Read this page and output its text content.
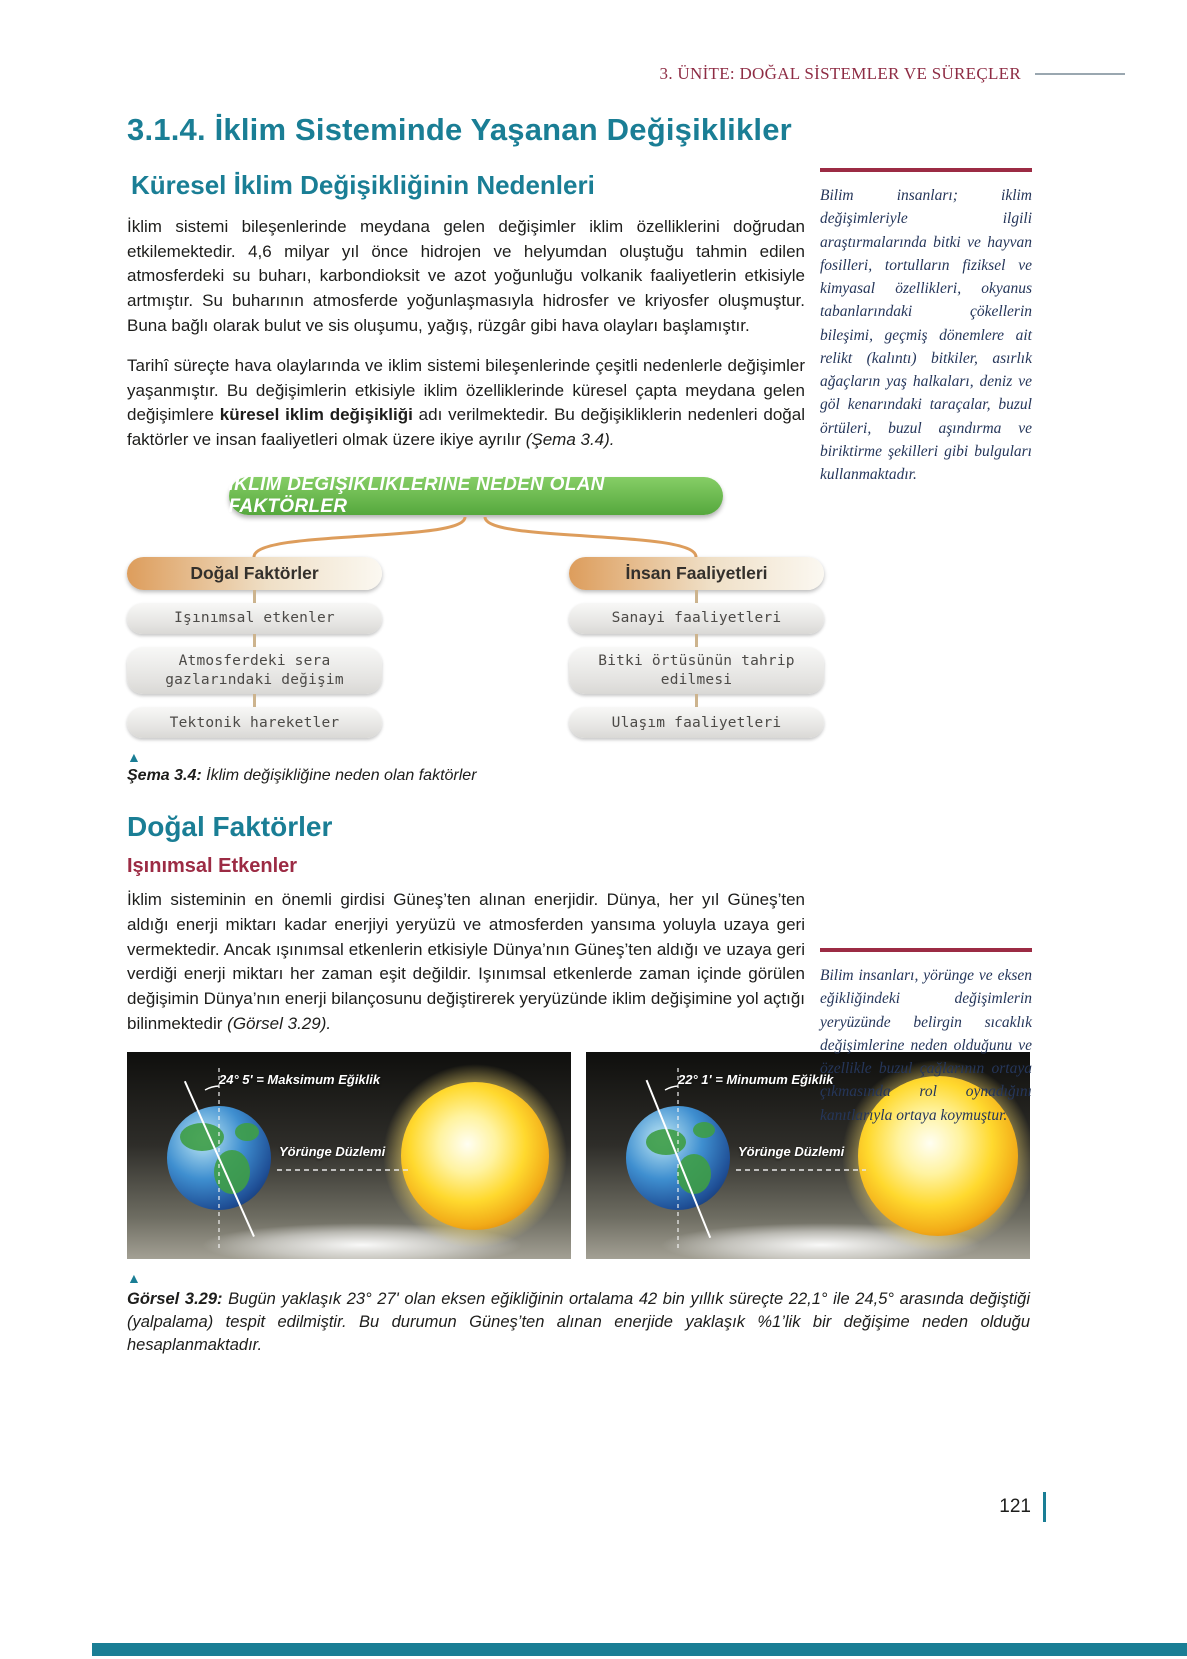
3. ÜNİTE: DOĞAL SİSTEMLER VE SÜREÇLER
3.1.4. İklim Sisteminde Yaşanan Değişiklikler
Küresel İklim Değişikliğinin Nedenleri

İklim sistemi bileşenlerinde meydana gelen değişimler iklim özelliklerini doğrudan etkilemektedir. 4,6 milyar yıl önce hidrojen ve helyumdan oluştuğu tahmin edilen atmosferdeki su buharı, karbondioksit ve azot yoğunluğu volkanik faaliyetlerin etkisiyle artmıştır. Su buharının atmosferde yoğunlaşmasıyla hidrosfer ve kriyosfer oluşmuştur. Buna bağlı olarak bulut ve sis oluşumu, yağış, rüzgâr gibi hava olayları başlamıştır.

Tarihî süreçte hava olaylarında ve iklim sistemi bileşenlerinde çeşitli nedenlerle değişimler yaşanmıştır. Bu değişimlerin etkisiyle iklim özelliklerinde küresel çapta meydana gelen değişimlere küresel iklim değişikliği adı verilmektedir. Bu değişikliklerin nedenleri doğal faktörler ve insan faaliyetleri olmak üzere ikiye ayrılır (Şema 3.4).

İKLİM DEĞİŞİKLİKLERİNE NEDEN OLAN FAKTÖRLER
Doğal Faktörler
Işınımsal etkenler
Atmosferdeki sera gazlarındaki değişim
Tektonik hareketler
İnsan Faaliyetleri
Sanayi faaliyetleri
Bitki örtüsünün tahrip edilmesi
Ulaşım faaliyetleri
▲
Şema 3.4: İklim değişikliğine neden olan faktörler
Doğal Faktörler
Işınımsal Etkenler

İklim sisteminin en önemli girdisi Güneş’ten alınan enerjidir. Dünya, her yıl Güneş’ten aldığı enerji miktarı kadar enerjiyi yeryüzü ve atmosferden yansıma yoluyla uzaya geri vermektedir. Ancak ışınımsal etkenlerin etkisiyle Dünya’nın Güneş’ten aldığı ve uzaya geri verdiği enerji miktarı her zaman eşit değildir. Işınımsal etkenlerde zaman içinde görülen değişimin Dünya’nın enerji bilançosunu değiştirerek yeryüzünde iklim değişimine yol açtığı bilinmektedir (Görsel 3.29).

24° 5' = Maksimum Eğiklik
Yörünge Düzlemi
22° 1' = Minumum Eğiklik
Yörünge Düzlemi
▲
Görsel 3.29: Bugün yaklaşık 23° 27' olan eksen eğikliğinin ortalama 42 bin yıllık süreçte 22,1° ile 24,5° arasında değiştiği (yalpalama) tespit edilmiştir. Bu durumun Güneş’ten alınan enerjide yaklaşık %1’lik bir değişime neden olduğu hesaplanmaktadır.
Bilim insanları; iklim değişimleriyle ilgili araştırmalarında bitki ve hayvan fosilleri, tortulların fiziksel ve kimyasal özellikleri, okyanus tabanlarındaki çökellerin bileşimi, geçmiş dönemlere ait relikt (kalıntı) bitkiler, asırlık ağaçların yaş halkaları, deniz ve göl kenarındaki taraçalar, buzul örtüleri, buzul aşındırma ve biriktirme şekilleri gibi bulguları kullanmaktadır.
Bilim insanları, yörünge ve eksen eğikliğindeki değişimlerin yeryüzünde belirgin sıcaklık değişimlerine neden olduğunu ve özellikle buzul çağlarının ortaya çıkmasında rol oynadığını kanıtlarıyla ortaya koymuştur.
121
